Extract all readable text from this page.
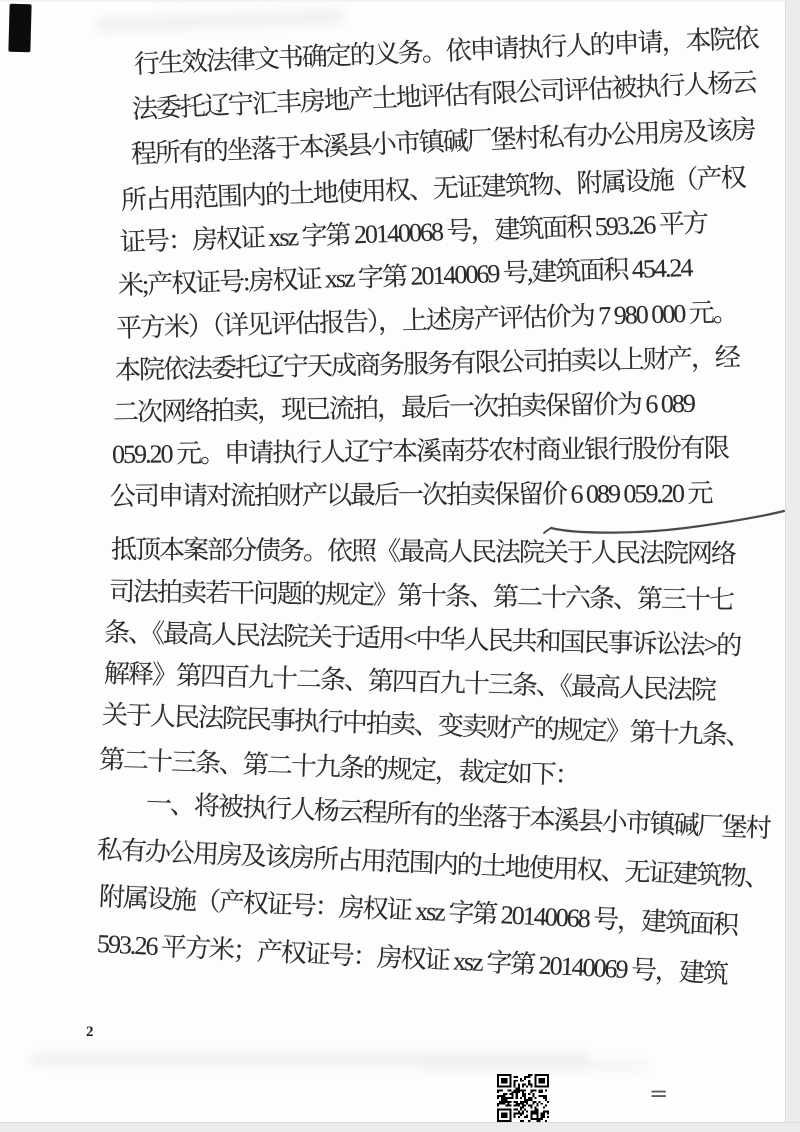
行生效法律文书确定的义务。依申请执行人的申请，本院依
法委托辽宁汇丰房地产土地评估有限公司评估被执行人杨云
程所有的坐落于本溪县小市镇碱厂堡村私有办公用房及该房
所占用范围内的土地使用权、无证建筑物、附属设施（产权
证号：房权证 xsz 字第 20140068 号，建筑面积 593.26 平方
米;产权证号:房权证 xsz 字第 20140069 号,建筑面积 454.24
平方米）（详见评估报告），上述房产评估价为 7 980 000 元。
本院依法委托辽宁天成商务服务有限公司拍卖以上财产，经
二次网络拍卖，现已流拍，最后一次拍卖保留价为 6 089
059.20 元。申请执行人辽宁本溪南芬农村商业银行股份有限
公司申请对流拍财产以最后一次拍卖保留价 6 089 059.20 元
抵顶本案部分债务。依照《最高人民法院关于人民法院网络
司法拍卖若干问题的规定》第十条、第二十六条、第三十七
条、《最高人民法院关于适用<中华人民共和国民事诉讼法>的
解释》第四百九十二条、第四百九十三条、《最高人民法院
关于人民法院民事执行中拍卖、变卖财产的规定》第十九条、
第二十三条、第二十九条的规定，裁定如下：
一、将被执行人杨云程所有的坐落于本溪县小市镇碱厂堡村
私有办公用房及该房所占用范围内的土地使用权、无证建筑物、
附属设施（产权证号：房权证 xsz 字第 20140068 号，建筑面积
593.26 平方米；产权证号：房权证 xsz 字第 20140069 号，建筑
2
=
